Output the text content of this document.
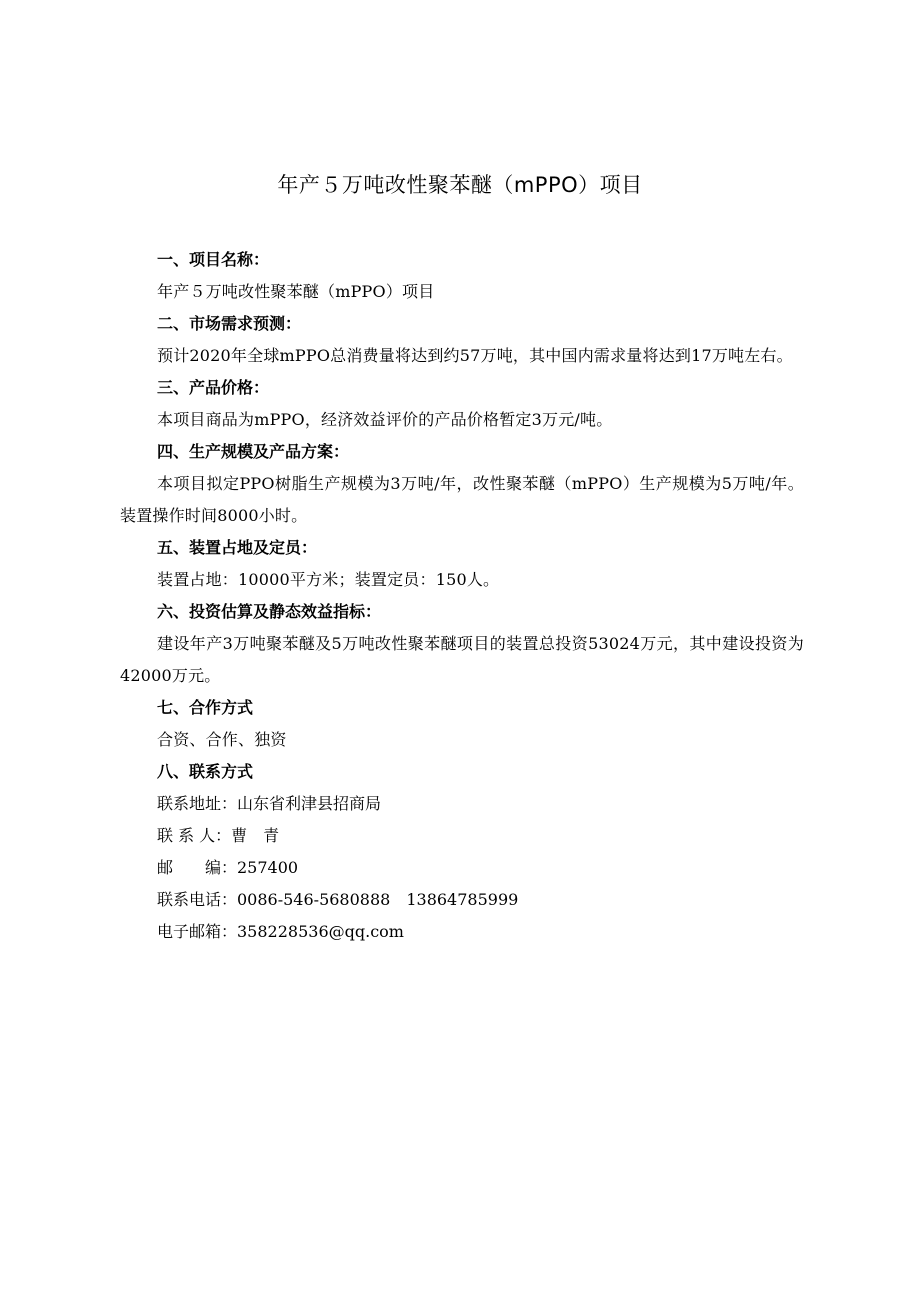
年产５万吨改性聚苯醚（mPPO）项目
一、项目名称：
年产５万吨改性聚苯醚（mPPO）项目
二、市场需求预测：
预计2020年全球mPPO总消费量将达到约57万吨，其中国内需求量将达到17万吨左右。
三、产品价格：
本项目商品为mPPO，经济效益评价的产品价格暂定3万元/吨。
四、生产规模及产品方案：
本项目拟定PPO树脂生产规模为3万吨/年，改性聚苯醚（mPPO）生产规模为5万吨/年。装置操作时间8000小时。
五、装置占地及定员：
装置占地：10000平方米；装置定员：150人。
六、投资估算及静态效益指标：
建设年产3万吨聚苯醚及5万吨改性聚苯醚项目的装置总投资53024万元，其中建设投资为42000万元。
七、合作方式
合资、合作、独资
八、联系方式
联系地址：山东省利津县招商局
联 系 人：曹　青
邮　　编：257400
联系电话：0086-546-5680888　13864785999
电子邮箱：358228536@qq.com
